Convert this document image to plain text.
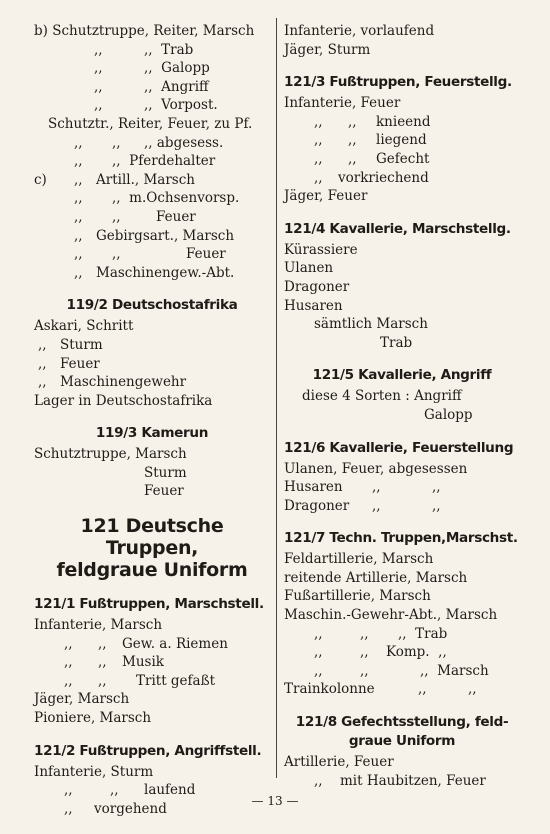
b) Schutztruppe, Reiter, Marsch
,,	,,  Trab
,,	,,  Galopp
,,	,,  Angriff
,,	,,  Vorpost.
Schutztr., Reiter, Feuer, zu Pf.
,, ,, ,, abgesess.
,, ,,  Pferdehalter
c) ,, Artill., Marsch
,, ,,  m.Ochsenvorsp.
,, ,,	Feuer
,, Gebirgsart., Marsch
,, ,,	Feuer
,, Maschinengew.-Abt.
119/2 Deutschostafrika
Askari, Schritt
,, Sturm
,, Feuer
,, Maschinengewehr
Lager in Deutschostafrika
119/3 Kamerun
Schutztruppe, Marsch
Sturm
Feuer
121 Deutsche Truppen,
feldgraue Uniform
121/1 Fußtruppen, Marschstell.
Infanterie, Marsch
,, ,, Gew. a. Riemen
,, ,, Musik
,, ,, Tritt gefaßt
Jäger, Marsch
Pioniere, Marsch
121/2 Fußtruppen, Angriffstell.
Infanterie, Sturm
,,	,, laufend
,, vorgehend
Infanterie, vorlaufend
Jäger, Sturm
121/3 Fußtruppen, Feuerstellg.
Infanterie, Feuer
,, ,, knieend
,, ,, liegend
,, ,, Gefecht
,, vorkriechend
Jäger, Feuer
121/4 Kavallerie, Marschstellg.
Kürassiere
Ulanen
Dragoner
Husaren
sämtlich Marsch
Trab
121/5 Kavallerie, Angriff
diese 4 Sorten : Angriff
Galopp
121/6 Kavallerie, Feuerstellung
Ulanen, Feuer, abgesessen
Husaren ,,	,,
Dragoner ,,	,,
121/7 Techn. Truppen,Marschst.
Feldartillerie, Marsch
reitende Artillerie, Marsch
Fußartillerie, Marsch
Maschin.-Gewehr-Abt., Marsch
,,	,, ,,  Trab
,,	,, Komp.  ,,
,,	,,	,,  Marsch
Trainkolonne	,,	,,
121/8 Gefechtsstellung, feld-
graue Uniform
Artillerie, Feuer
,, mit Haubitzen, Feuer
— 13 —
